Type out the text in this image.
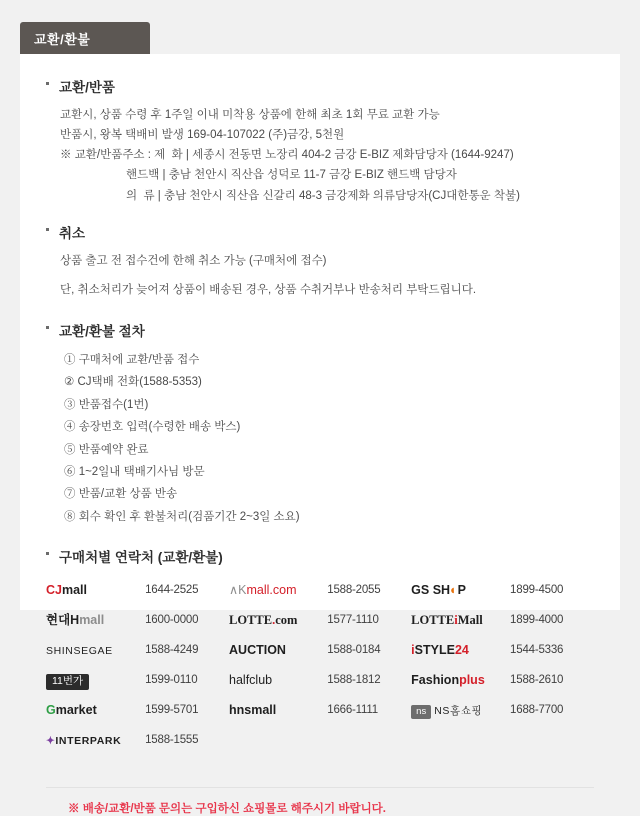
교환/환불
교환/반품
교환시, 상품 수령 후 1주일 이내 미착용 상품에 한해 최초 1회 무료 교환 가능
반품시, 왕복 택배비 발생 169-04-107022 (주)금강, 5천원
※ 교환/반품주소 : 제  화 | 세종시 전동면 노장리 404-2 금강 E-BIZ 제화담당자 (1644-9247)
핸드백 | 충남 천안시 직산읍 성덕로 11-7 금강 E-BIZ 핸드백 담당자
의  류 | 충남 천안시 직산읍 신갈리 48-3 금강제화 의류담당자(CJ대한통운 착불)
취소
상품 출고 전 접수건에 한해 취소 가능 (구매처에 접수)
단, 취소처리가 늦어져 상품이 배송된 경우, 상품 수취거부나 반송처리 부탁드립니다.
교환/환불 절차
① 구매처에 교환/반품 접수
② CJ택배 전화(1588-5353)
③ 반품접수(1번)
④ 송장번호 입력(수령한 배송 박스)
⑤ 반품예약 완료
⑥ 1~2일내 택배기사님 방문
⑦ 반품/교환 상품 반송
⑧ 회수 확인 후 환불처리(검품기간 2~3일 소요)
구매처별 연락처 (교환/환불)
CJmall	1644-2525	∧Kmall.com	1588-2055	GS SH◐P	1899-4500
현대Hmall	1600-0000	LOTTE.com	1577-1110	LOTTEiMall	1899-4000
SHINSEGAE	1588-4249	AUCTION	1588-0184	iSTYLE24	1544-5336
11번가	1599-0110	halfclub	1588-1812	Fashionplus	1588-2610
Gmarket	1599-5701	hnsmall	1666-1111	ns NS홈쇼핑	1688-7700
✦INTERPARK	1588-1555				
※ 배송/교환/반품 문의는 구입하신 쇼핑몰로 해주시기 바랍니다.
